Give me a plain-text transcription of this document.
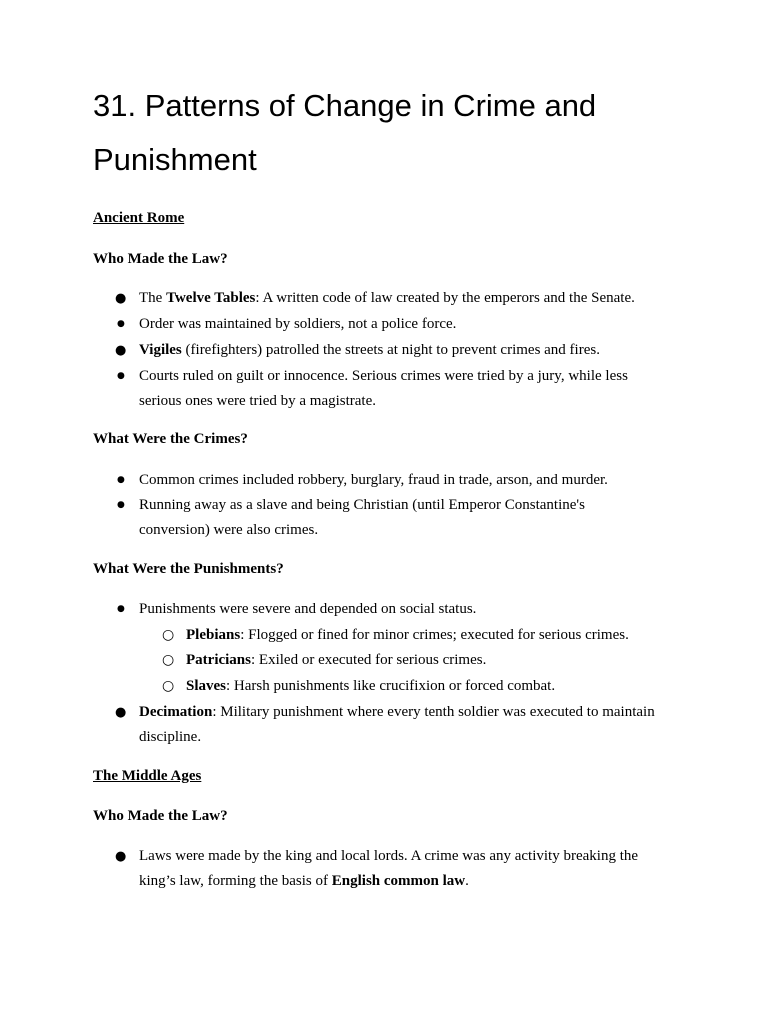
31. Patterns of Change in Crime and
Punishment
Ancient Rome
Who Made the Law?
● The Twelve Tables: A written code of law created by the emperors and the Senate.
● Order was maintained by soldiers, not a police force.
● Vigiles (firefighters) patrolled the streets at night to prevent crimes and fires.
● Courts ruled on guilt or innocence. Serious crimes were tried by a jury, while less
serious ones were tried by a magistrate.
What Were the Crimes?
● Common crimes included robbery, burglary, fraud in trade, arson, and murder.
● Running away as a slave and being Christian (until Emperor Constantine's
conversion) were also crimes.
What Were the Punishments?
● Punishments were severe and depended on social status.
○ Plebians: Flogged or fined for minor crimes; executed for serious crimes.
○ Patricians: Exiled or executed for serious crimes.
○ Slaves: Harsh punishments like crucifixion or forced combat.
● Decimation: Military punishment where every tenth soldier was executed to maintain
discipline.
The Middle Ages
Who Made the Law?
● Laws were made by the king and local lords. A crime was any activity breaking the
king’s law, forming the basis of English common law.
